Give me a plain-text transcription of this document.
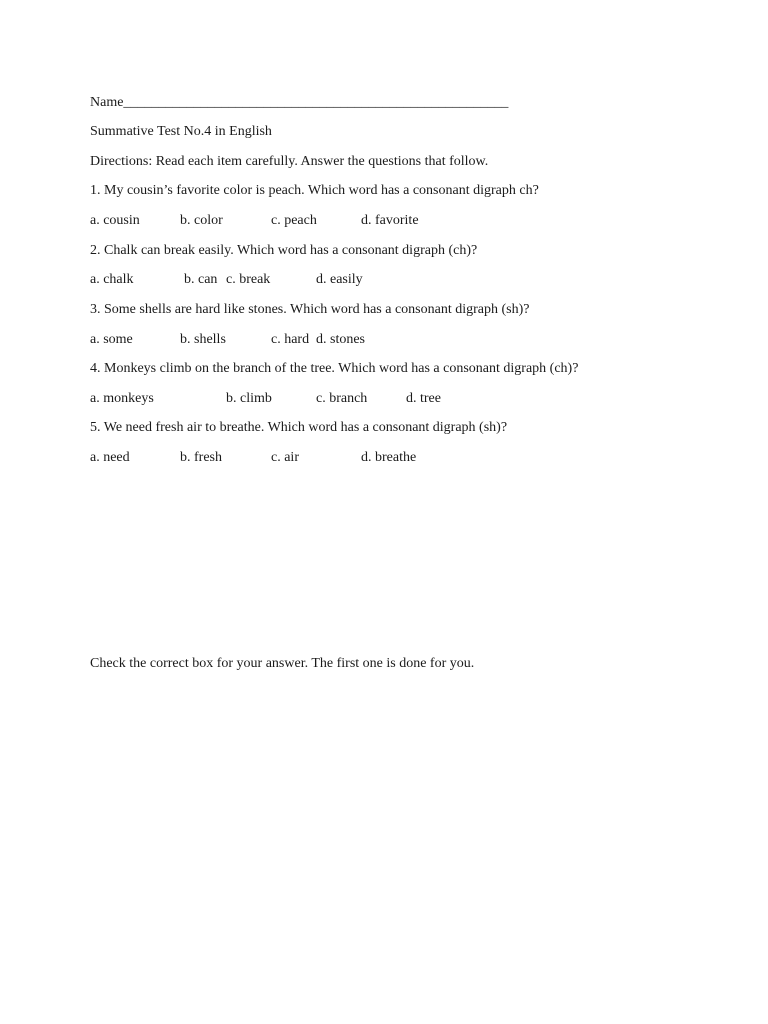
Name_______________________________________________________
Summative Test No.4 in English
Directions: Read each item carefully. Answer the questions that follow.
1. My cousin’s favorite color is peach. Which word has a consonant digraph ch?
a. cousin	b. color	c. peach	d. favorite
2. Chalk can break easily. Which word has a consonant digraph (ch)?
a. chalk	b. can c. break	d. easily
3. Some shells are hard like stones. Which word has a consonant digraph (sh)?
a. some	b. shells	c. hard d. stones
4. Monkeys climb on the branch of the tree. Which word has a consonant digraph (ch)?
a. monkeys	b. climb	c. branch	d. tree
5. We need fresh air to breathe. Which word has a consonant digraph (sh)?
a. need	b. fresh	c. air	d. breathe
Check the correct box for your answer. The first one is done for you.
